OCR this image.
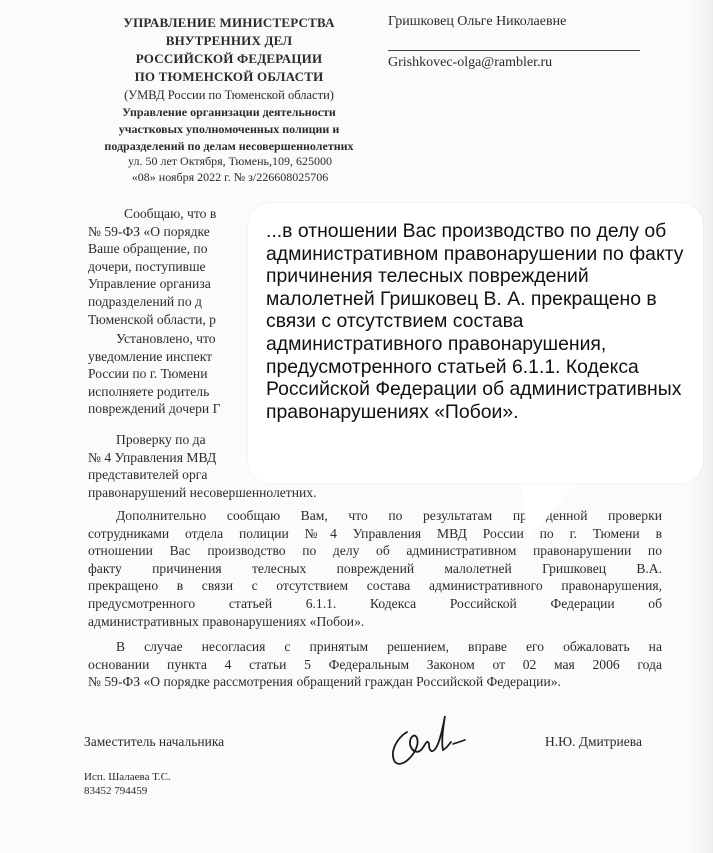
УПРАВЛЕНИЕ МИНИСТЕРСТВА
ВНУТРЕННИХ ДЕЛ
РОССИЙСКОЙ ФЕДЕРАЦИИ
ПО ТЮМЕНСКОЙ ОБЛАСТИ
(УМВД России по Тюменской области)
Управление организации деятельности
участковых уполномоченных полиции и
подразделений по делам несовершеннолетних
ул. 50 лет Октября, Тюмень,109, 625000
«08» ноября 2022 г. № з/226608025706
Гришковец Ольге Николаевне
Grishkovec-olga@rambler.ru
Сообщаю, что в
№ 59-ФЗ «О порядке
Ваше обращение, по
дочери, поступивше
Управление организа
подразделений по д
Тюменской области, р
Установлено, что
уведомление инспект
России по г. Тюмени
исполняете родитель
повреждений дочери Г
Проверку по да
№ 4 Управления МВД
представителей орга
правонарушений несовершеннолетних.
Дополнительно сообщаю Вам, что по результатам проведенной проверки
сотрудниками отдела полиции №4 Управления МВД России по г. Тюмени в
отношении Вас производство по делу об административном правонарушении по
факту причинения телесных повреждений малолетней Гришковец В.А.
прекращено в связи с отсутствием состава административного правонарушения,
предусмотренного статьей 6.1.1. Кодекса Российской Федерации об
административных правонарушениях «Побои».
В случае несогласия с принятым решением, вправе его обжаловать на
основании пункта 4 статьи 5 Федеральным Законом от 02 мая 2006 года
№ 59-ФЗ «О порядке рассмотрения обращений граждан Российской Федерации».
Заместитель начальника	Н.Ю. Дмитриева
Исп. Шалаева Т.С.
83452 794459
...в отношении Вас производство по делу об административном правонарушении по факту причинения телесных повреждений малолетней Гришковец В. А. прекращено в связи с отсутствием состава административного правонарушения, предусмотренного статьей 6.1.1. Кодекса Российской Федерации об административных правонарушениях «Побои».
